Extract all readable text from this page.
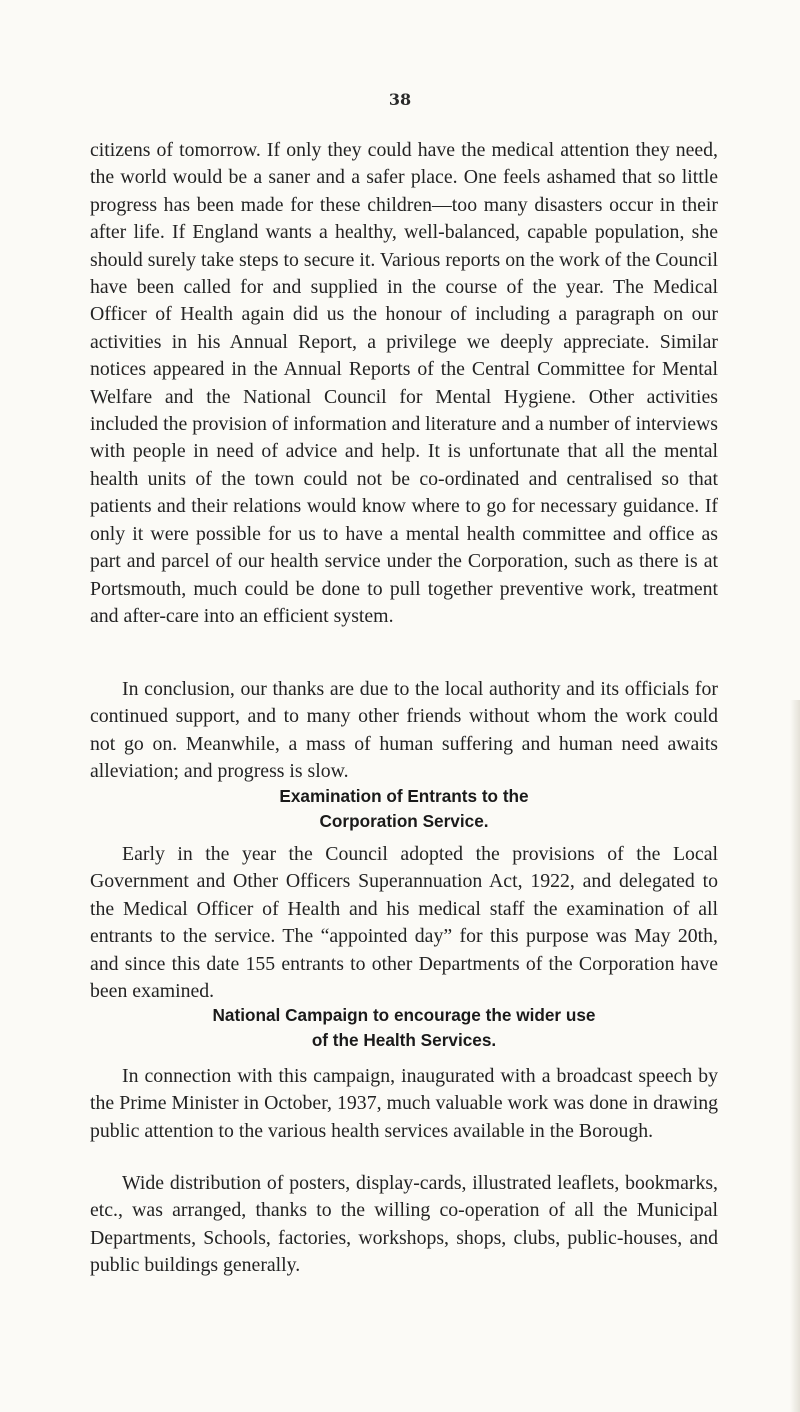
38

citizens of tomorrow. If only they could have the medical attention they need, the world would be a saner and a safer place. One feels ashamed that so little progress has been made for these children—too many disasters occur in their after life. If England wants a healthy, well-balanced, capable population, she should surely take steps to secure it. Various reports on the work of the Council have been called for and supplied in the course of the year. The Medical Officer of Health again did us the honour of including a paragraph on our activities in his Annual Report, a privilege we deeply appreciate. Similar notices appeared in the Annual Reports of the Central Committee for Mental Welfare and the National Council for Mental Hygiene. Other activities included the provision of information and literature and a number of interviews with people in need of advice and help. It is unfortunate that all the mental health units of the town could not be co-ordinated and centralised so that patients and their relations would know where to go for necessary guidance. If only it were possible for us to have a mental health committee and office as part and parcel of our health service under the Corporation, such as there is at Portsmouth, much could be done to pull together preventive work, treatment and after-care into an efficient system.

In conclusion, our thanks are due to the local authority and its officials for continued support, and to many other friends without whom the work could not go on. Meanwhile, a mass of human suffering and human need awaits alleviation; and progress is slow.

Examination of Entrants to the
Corporation Service.

Early in the year the Council adopted the provisions of the Local Government and Other Officers Superannuation Act, 1922, and delegated to the Medical Officer of Health and his medical staff the examination of all entrants to the service. The “appointed day” for this purpose was May 20th, and since this date 155 entrants to other Departments of the Corporation have been examined.

National Campaign to encourage the wider use
of the Health Services.

In connection with this campaign, inaugurated with a broadcast speech by the Prime Minister in October, 1937, much valuable work was done in drawing public attention to the various health services available in the Borough.

Wide distribution of posters, display-cards, illustrated leaflets, bookmarks, etc., was arranged, thanks to the willing co-operation of all the Municipal Departments, Schools, factories, workshops, shops, clubs, public-houses, and public buildings generally.
